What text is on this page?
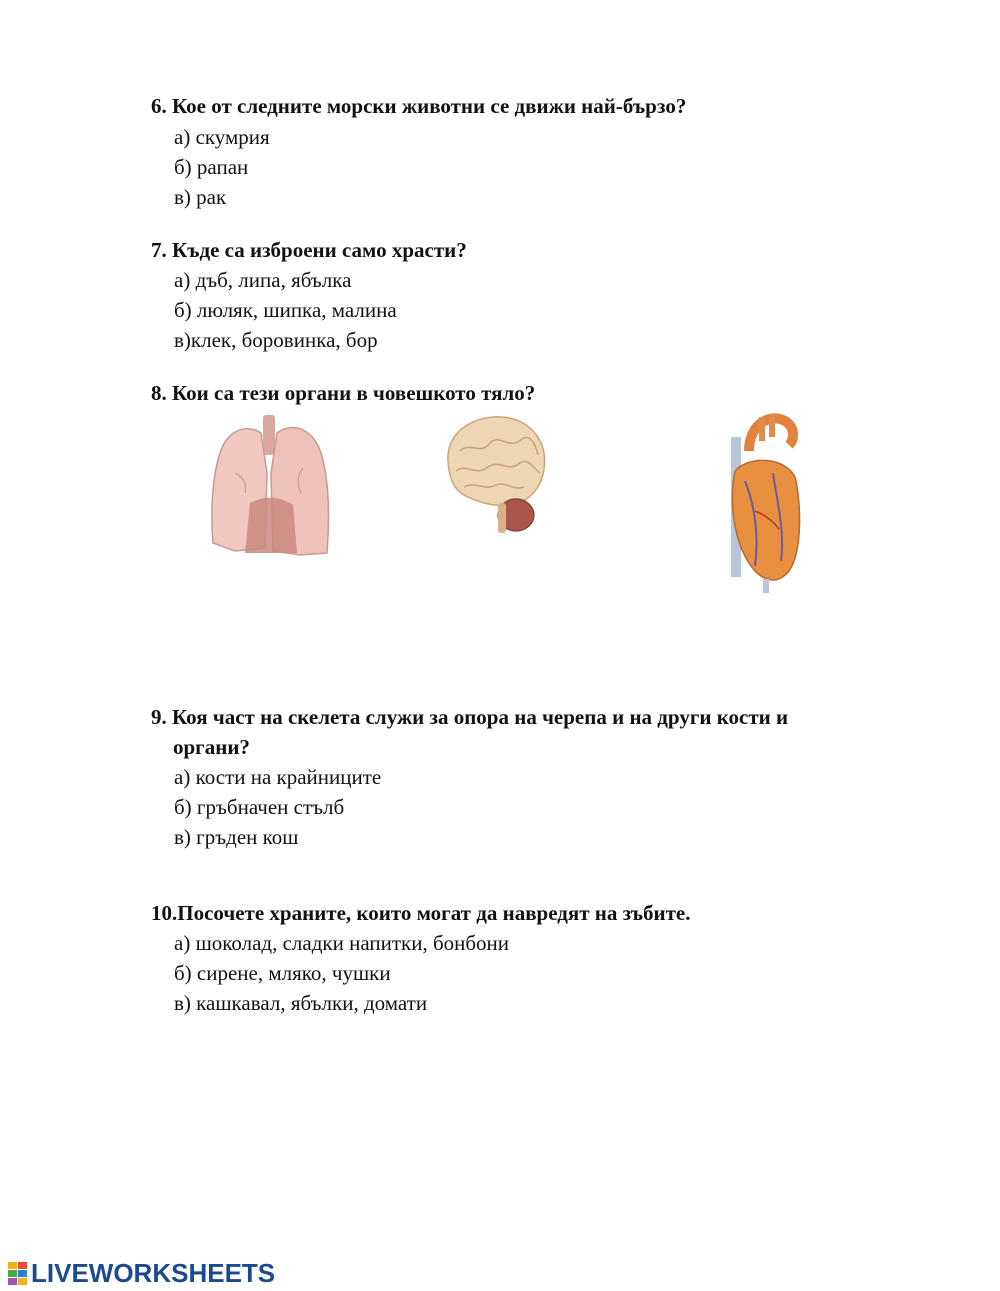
6. Кое от следните морски животни се движи най-бързо?
а) скумрия
б) рапан
в) рак
7. Къде са изброени само храсти?
а) дъб, липа, ябълка
б) люляк, шипка, малина
в)клек, боровинка, бор
8. Кои са тези органи в човешкото тяло?
9. Коя част на скелета служи за опора на черепа и на други кости и
органи?
а) кости на крайниците
б) гръбначен стълб
в) гръден кош
10.Посочете храните, които могат да навредят на зъбите.
а) шоколад, сладки напитки, бонбони
б) сирене, мляко, чушки
в) кашкавал, ябълки, домати
LIVEWORKSHEETS
